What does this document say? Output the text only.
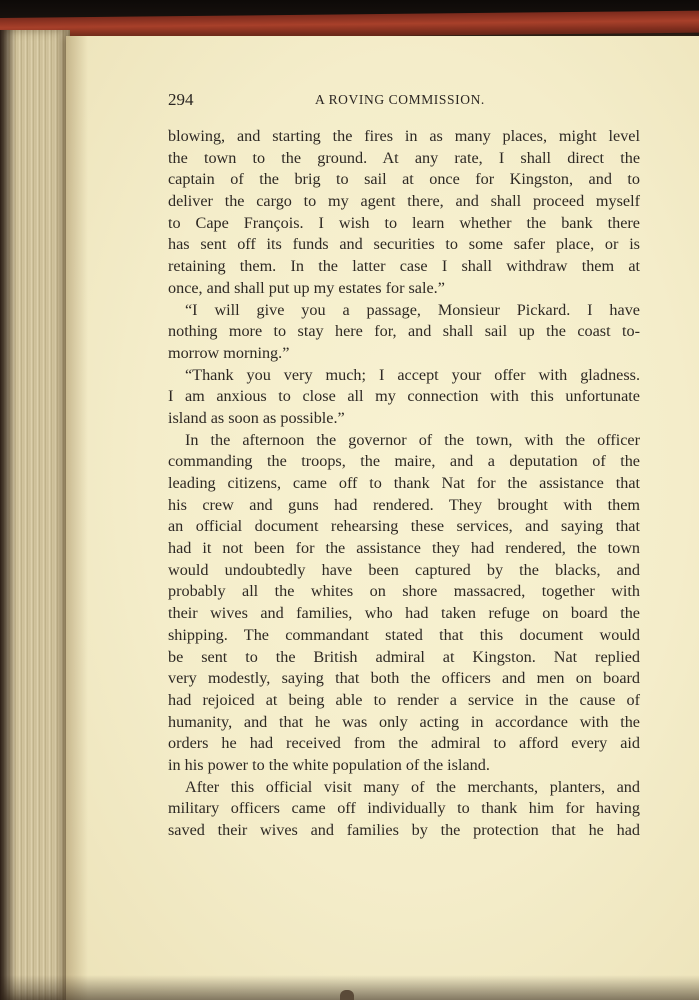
294	A ROVING COMMISSION.
blowing, and starting the fires in as many places, might level
the town to the ground. At any rate, I shall direct the
captain of the brig to sail at once for Kingston, and to
deliver the cargo to my agent there, and shall proceed myself
to Cape François. I wish to learn whether the bank there
has sent off its funds and securities to some safer place, or is
retaining them. In the latter case I shall withdraw them at
once, and shall put up my estates for sale.”
“I will give you a passage, Monsieur Pickard. I have
nothing more to stay here for, and shall sail up the coast to-
morrow morning.”
“Thank you very much; I accept your offer with gladness.
I am anxious to close all my connection with this unfortunate
island as soon as possible.”
In the afternoon the governor of the town, with the officer
commanding the troops, the maire, and a deputation of the
leading citizens, came off to thank Nat for the assistance that
his crew and guns had rendered. They brought with them
an official document rehearsing these services, and saying that
had it not been for the assistance they had rendered, the town
would undoubtedly have been captured by the blacks, and
probably all the whites on shore massacred, together with
their wives and families, who had taken refuge on board the
shipping. The commandant stated that this document would
be sent to the British admiral at Kingston. Nat replied
very modestly, saying that both the officers and men on board
had rejoiced at being able to render a service in the cause of
humanity, and that he was only acting in accordance with the
orders he had received from the admiral to afford every aid
in his power to the white population of the island.
After this official visit many of the merchants, planters, and
military officers came off individually to thank him for having
saved their wives and families by the protection that he had
